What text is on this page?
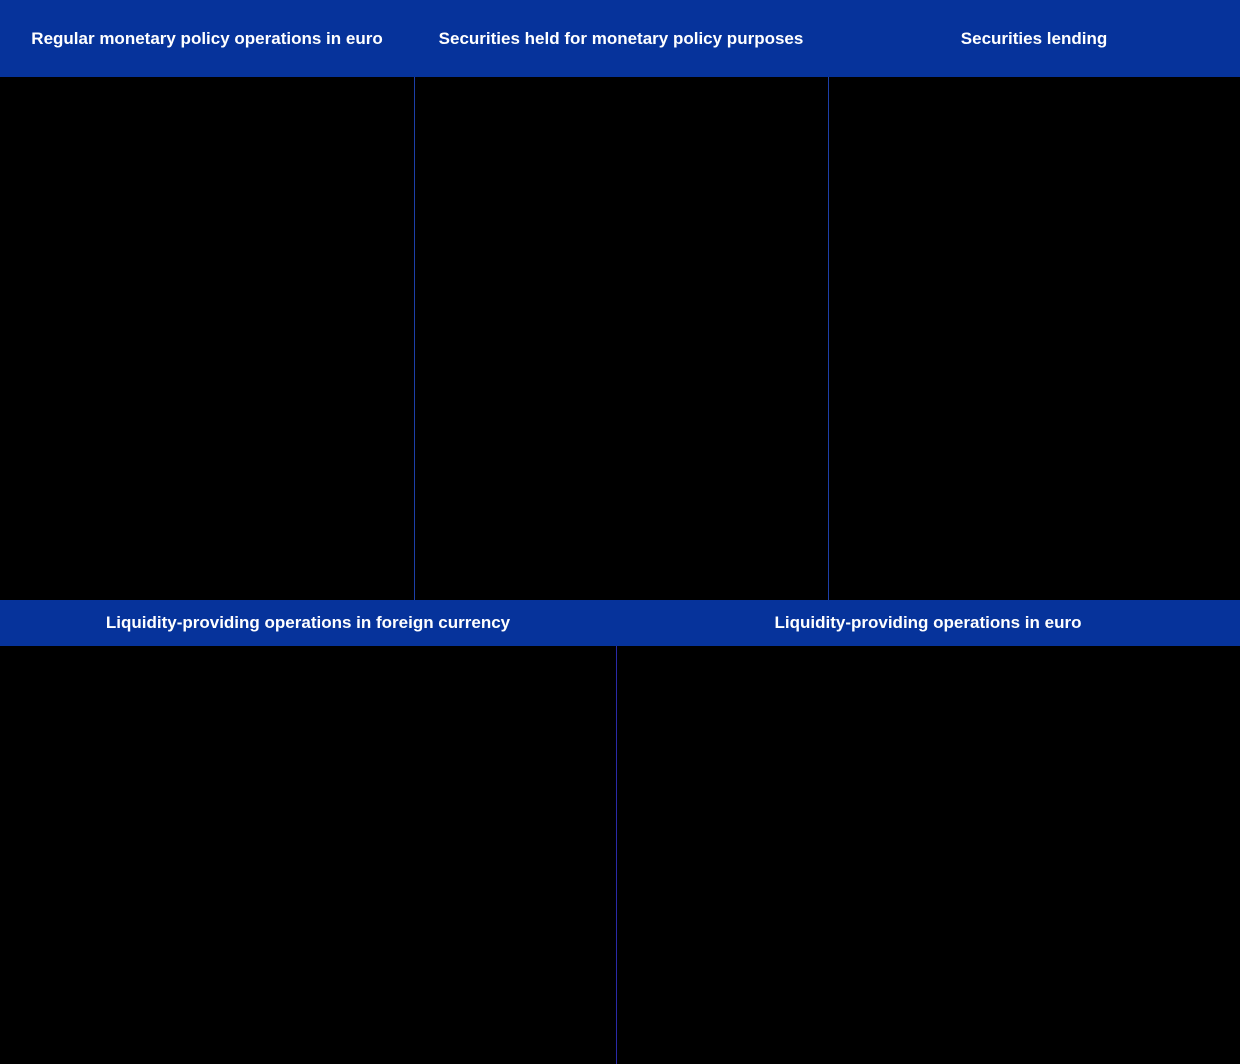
Regular monetary policy operations in euro	Securities held for monetary policy purposes	Securities lending
Liquidity-providing operations in foreign currency	Liquidity-providing operations in euro
